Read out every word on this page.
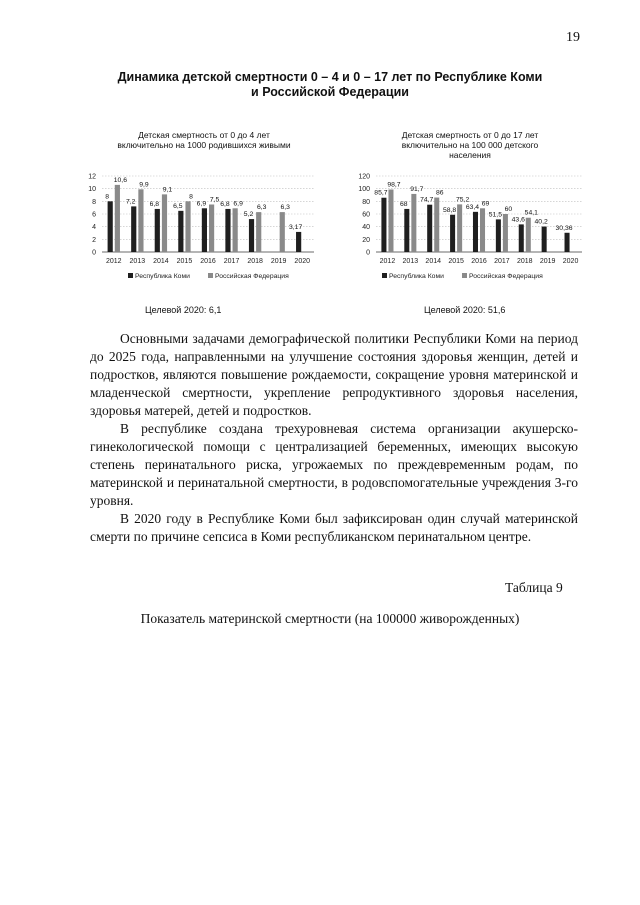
19
Динамика детской смертности 0 – 4 и 0 – 17 лет по Республике Коми
и Российской Федерации
Детская смертность от 0 до 4 лет
включительно на 1000 родившихся живыми
0
2
4
6
8
10
12
2012
8
10,6
2013
7,2
9,9
2014
6,8
9,1
2015
6,5
8
2016
6,9
7,5
2017
6,8 6,9
2018
5,2
6,3
2019
6,3
2020
3,17
Республика Коми	Российская Федерация
Детская смертность от 0 до 17 лет
включительно на 100 000 детского
населения
0
20
40
60
80
100
120
2012
85,7
98,7
2013
68
91,7
2014
74,7
86
2015
58,8
75,2
2016
63,4
69
2017
51,5
60
2018
43,6
54,1
2019
40,2
2020
30,36
Республика Коми	Российская Федерация
Целевой 2020: 6,1	Целевой 2020: 51,6

Основными задачами демографической политики Республики Коми на период до 2025 года, направленными на улучшение состояния здоровья женщин, детей и подростков, являются повышение рождаемости, сокращение уровня материнской и младенческой смертности, укрепление репродуктивного здоровья населения, здоровья матерей, детей и подростков.

В республике создана трехуровневая система организации акушерско-гинекологической помощи с централизацией беременных, имеющих высокую степень перинатального риска, угрожаемых по преждевременным родам, по материнской и перинатальной смертности, в родовспомогательные учреждения 3-го уровня.

В 2020 году в Республике Коми был зафиксирован один случай материнской смерти по причине сепсиса в Коми республиканском перинатальном центре.

Таблица 9
Показатель материнской смертности (на 100000 живорожденных)
